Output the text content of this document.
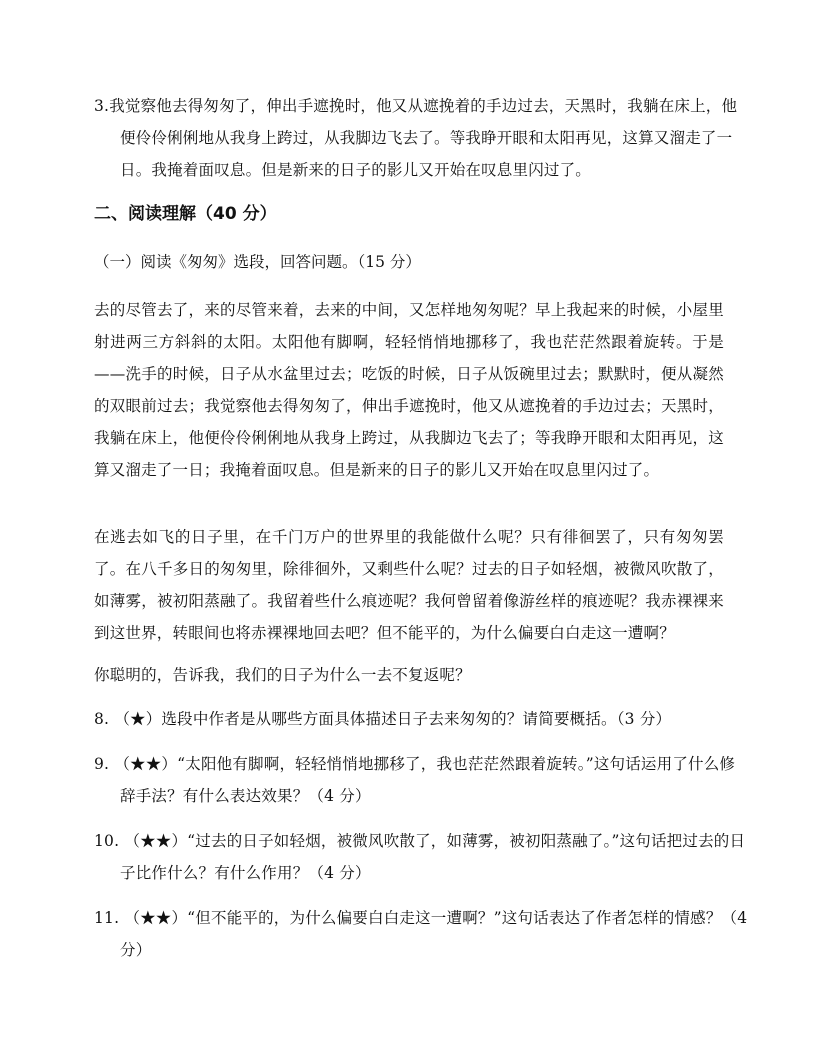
3.我觉察他去得匆匆了，伸出手遮挽时，他又从遮挽着的手边过去，天黑时，我躺在床上，他便伶伶俐俐地从我身上跨过，从我脚边飞去了。等我睁开眼和太阳再见，这算又溜走了一日。我掩着面叹息。但是新来的日子的影儿又开始在叹息里闪过了。
二、阅读理解（40 分）
（一）阅读《匆匆》选段，回答问题。（15 分）
去的尽管去了，来的尽管来着，去来的中间，又怎样地匆匆呢？早上我起来的时候，小屋里射进两三方斜斜的太阳。太阳他有脚啊，轻轻悄悄地挪移了，我也茫茫然跟着旋转。于是——洗手的时候，日子从水盆里过去；吃饭的时候，日子从饭碗里过去；默默时，便从凝然的双眼前过去；我觉察他去得匆匆了，伸出手遮挽时，他又从遮挽着的手边过去；天黑时，我躺在床上，他便伶伶俐俐地从我身上跨过，从我脚边飞去了；等我睁开眼和太阳再见，这算又溜走了一日；我掩着面叹息。但是新来的日子的影儿又开始在叹息里闪过了。
在逃去如飞的日子里，在千门万户的世界里的我能做什么呢？只有徘徊罢了，只有匆匆罢了。在八千多日的匆匆里，除徘徊外，又剩些什么呢？过去的日子如轻烟，被微风吹散了，如薄雾，被初阳蒸融了。我留着些什么痕迹呢？我何曾留着像游丝样的痕迹呢？我赤裸裸来到这世界，转眼间也将赤裸裸地回去吧？但不能平的，为什么偏要白白走这一遭啊？
你聪明的，告诉我，我们的日子为什么一去不复返呢？
8. （★）选段中作者是从哪些方面具体描述日子去来匆匆的？请简要概括。（3 分）
9. （★★）“太阳他有脚啊，轻轻悄悄地挪移了，我也茫茫然跟着旋转。”这句话运用了什么修辞手法？有什么表达效果？（4 分）
10. （★★）“过去的日子如轻烟，被微风吹散了，如薄雾，被初阳蒸融了。”这句话把过去的日子比作什么？有什么作用？（4 分）
11. （★★）“但不能平的，为什么偏要白白走这一遭啊？”这句话表达了作者怎样的情感？（4 分）
